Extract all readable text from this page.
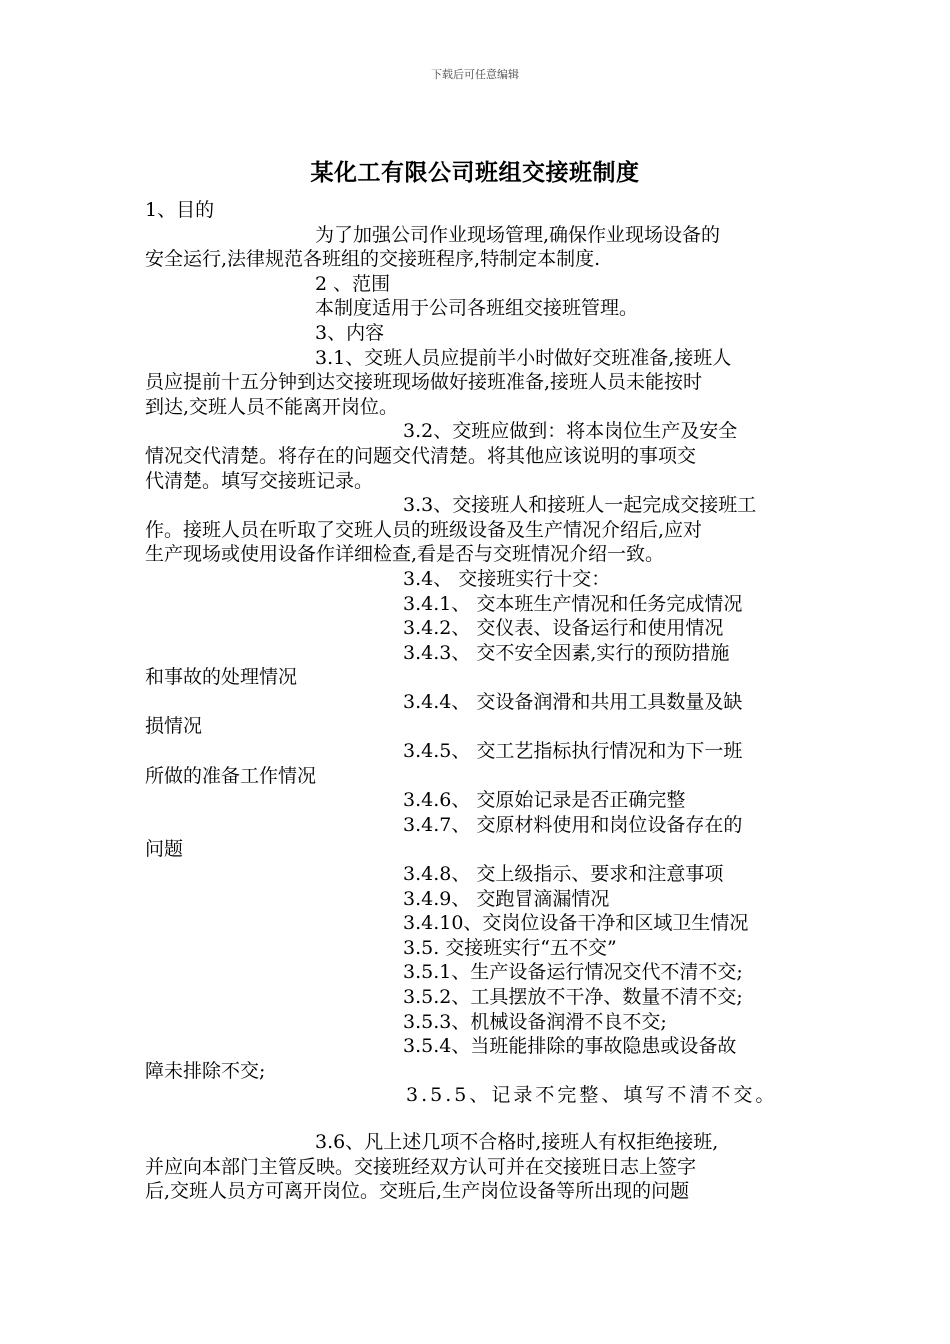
下载后可任意编辑
某化工有限公司班组交接班制度
1、目的
为了加强公司作业现场管理,确保作业现场设备的
安全运行,法律规范各班组的交接班程序,特制定本制度.
2 、范围
本制度适用于公司各班组交接班管理。
3、内容
3.1、交班人员应提前半小时做好交班准备,接班人
员应提前十五分钟到达交接班现场做好接班准备,接班人员未能按时
到达,交班人员不能离开岗位。
3.2、交班应做到：将本岗位生产及安全
情况交代清楚。将存在的问题交代清楚。将其他应该说明的事项交
代清楚。填写交接班记录。
3.3、交接班人和接班人一起完成交接班工
作。接班人员在听取了交班人员的班级设备及生产情况介绍后,应对
生产现场或使用设备作详细检查,看是否与交班情况介绍一致。
3.4、 交接班实行十交：
3.4.1、 交本班生产情况和任务完成情况
3.4.2、 交仪表、设备运行和使用情况
3.4.3、 交不安全因素,实行的预防措施
和事故的处理情况
3.4.4、 交设备润滑和共用工具数量及缺
损情况
3.4.5、 交工艺指标执行情况和为下一班
所做的准备工作情况
3.4.6、 交原始记录是否正确完整
3.4.7、 交原材料使用和岗位设备存在的
问题
3.4.8、 交上级指示、要求和注意事项
3.4.9、 交跑冒滴漏情况
3.4.10、交岗位设备干净和区域卫生情况
3.5. 交接班实行“五不交”
3.5.1、生产设备运行情况交代不清不交;
3.5.2、工具摆放不干净、数量不清不交;
3.5.3、机械设备润滑不良不交;
3.5.4、当班能排除的事故隐患或设备故
障未排除不交;
3.5.5、记录不完整、填写不清不交。
3.6、凡上述几项不合格时,接班人有权拒绝接班,
并应向本部门主管反映。交接班经双方认可并在交接班日志上签字
后,交班人员方可离开岗位。交班后,生产岗位设备等所出现的问题
